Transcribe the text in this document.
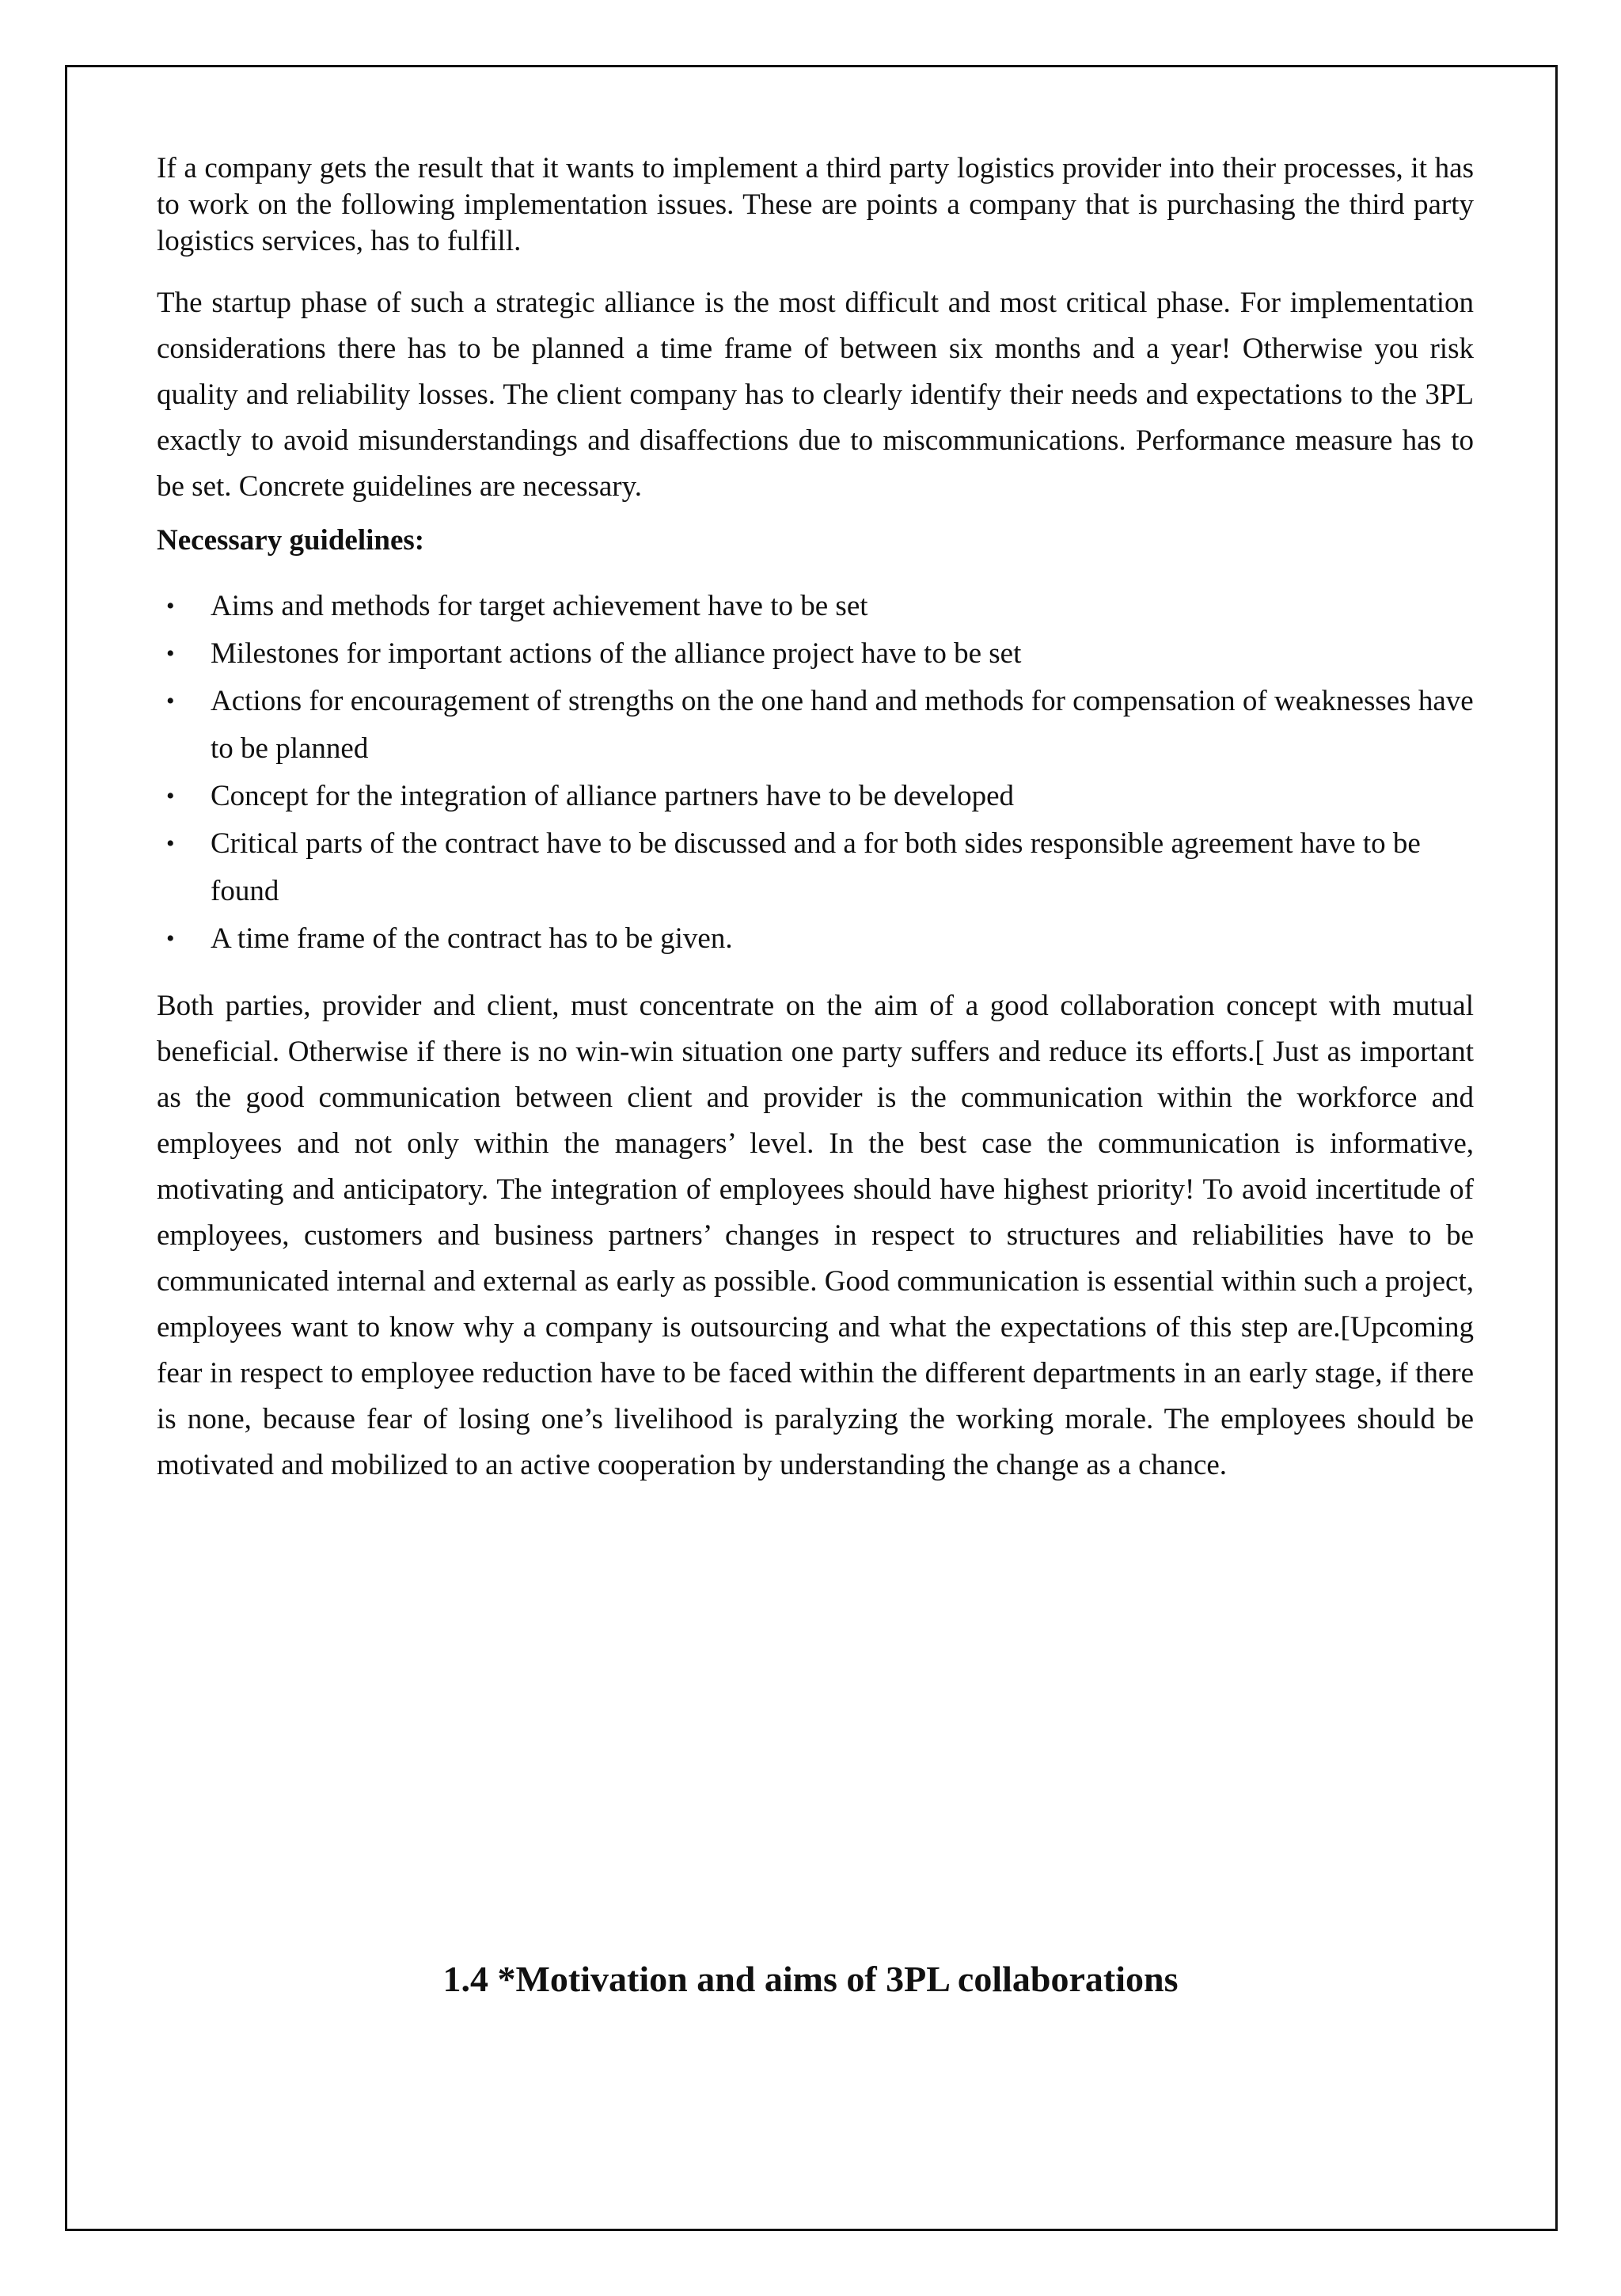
If a company gets the result that it wants to implement a third party logistics provider into their processes, it has to work on the following implementation issues. These are points a company that is purchasing the third party logistics services, has to fulfill.

The startup phase of such a strategic alliance is the most difficult and most critical phase. For implementation considerations there has to be planned a time frame of between six months and a year! Otherwise you risk quality and reliability losses. The client company has to clearly identify their needs and expectations to the 3PL exactly to avoid misunderstandings and disaffections due to miscommunications. Performance measure has to be set. Concrete guidelines are necessary.

Necessary guidelines:
• Aims and methods for target achievement have to be set
• Milestones for important actions of the alliance project have to be set
• Actions for encouragement of strengths on the one hand and methods for compensation of weaknesses have to be planned
• Concept for the integration of alliance partners have to be developed
• Critical parts of the contract have to be discussed and a for both sides responsible agreement have to be found
• A time frame of the contract has to be given.

Both parties, provider and client, must concentrate on the aim of a good collaboration concept with mutual beneficial. Otherwise if there is no win-win situation one party suffers and reduce its efforts.[ Just as important as the good communication between client and provider is the communication within the workforce and employees and not only within the managers’ level. In the best case the communication is informative, motivating and anticipatory. The integration of employees should have highest priority! To avoid incertitude of employees, customers and business partners’ changes in respect to structures and reliabilities have to be communicated internal and external as early as possible. Good communication is essential within such a project, employees want to know why a company is outsourcing and what the expectations of this step are.[Upcoming fear in respect to employee reduction have to be faced within the different departments in an early stage, if there is none, because fear of losing one’s livelihood is paralyzing the working morale. The employees should be motivated and mobilized to an active cooperation by understanding the change as a chance.

1.4 *Motivation and aims of 3PL collaborations
